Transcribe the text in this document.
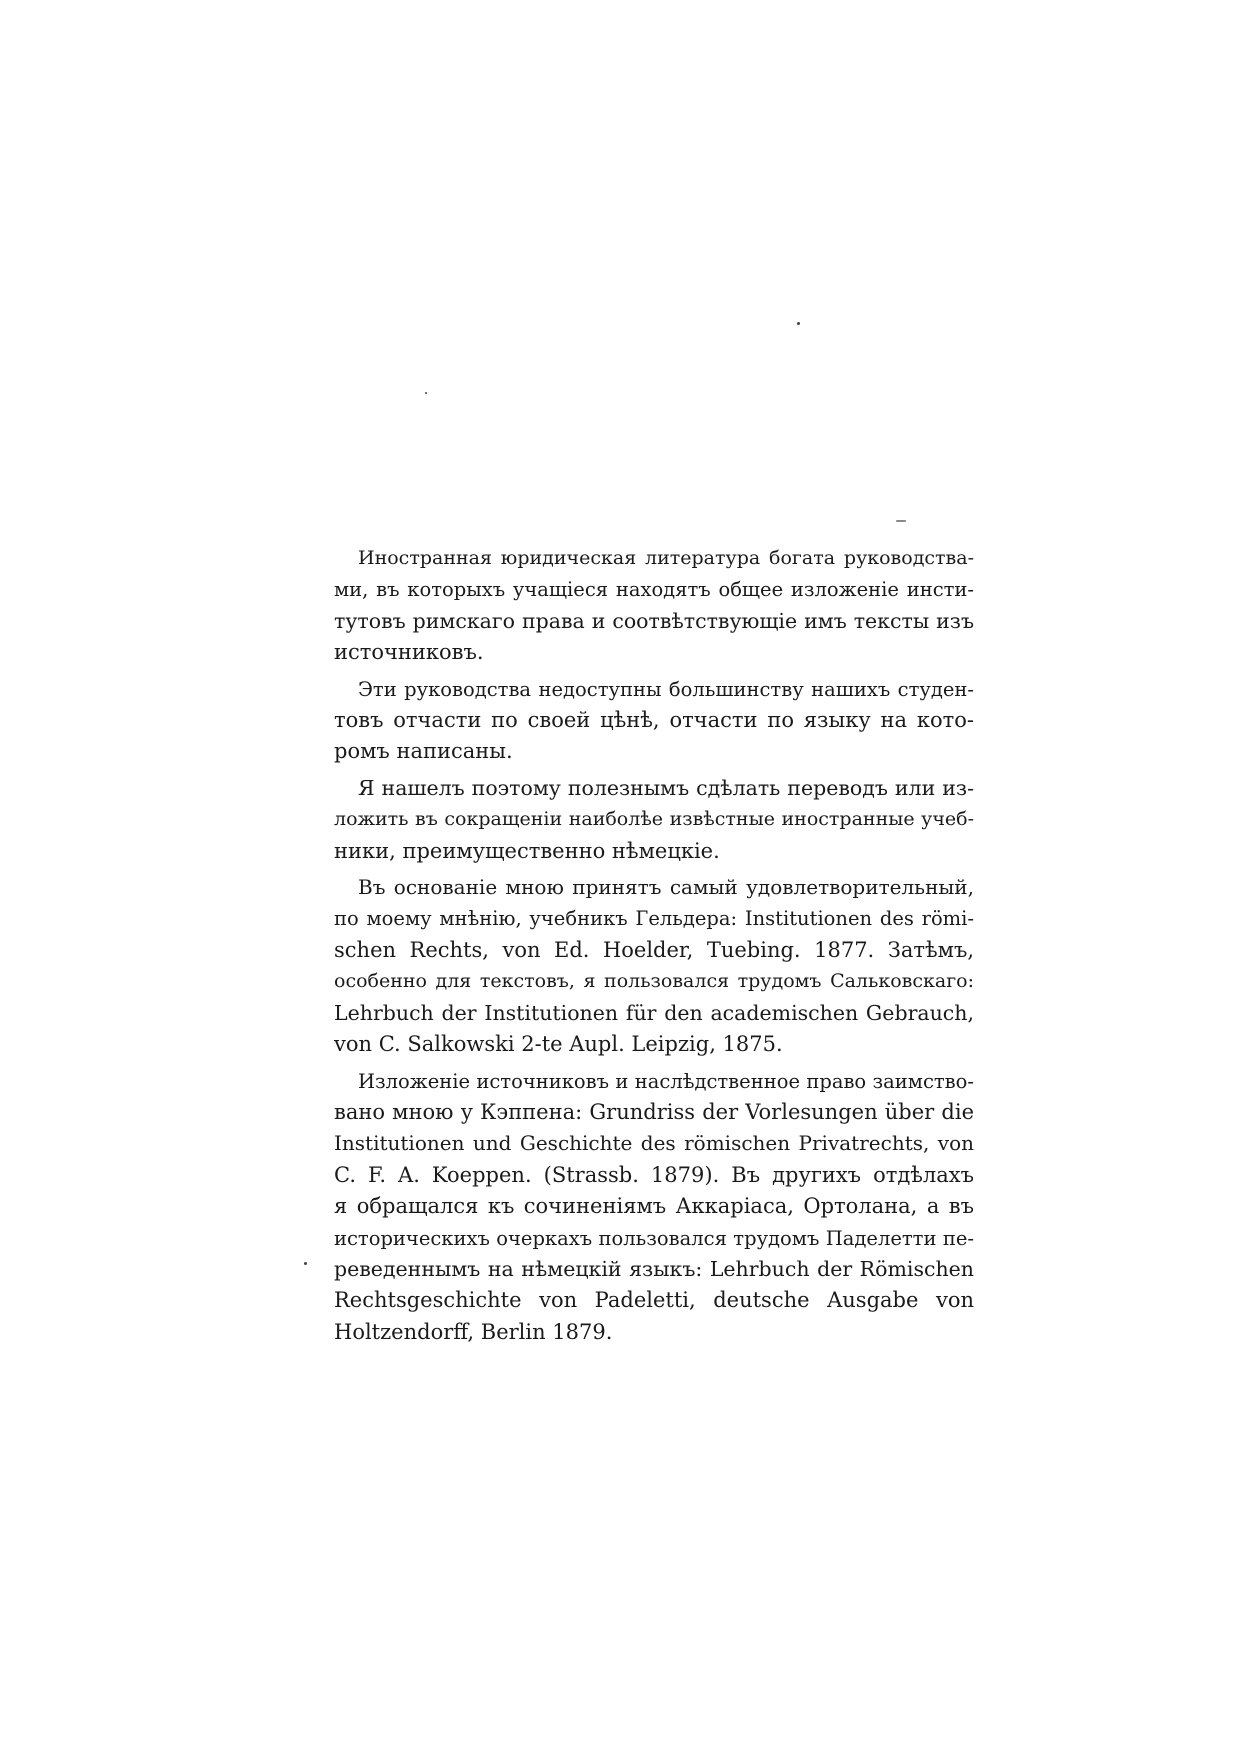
Иностранная юридическая литература богата руководства-
ми, въ которыхъ учащіеся находятъ общее изложеніе инсти-
тутовъ римскаго права и соотвѣтствующіе имъ тексты изъ
источниковъ.

Эти руководства недоступны большинству нашихъ студен-
товъ отчасти по своей цѣнѣ, отчасти по языку на кото-
ромъ написаны.

Я нашелъ поэтому полезнымъ сдѣлать переводъ или из-
ложить въ сокращеніи наиболѣе извѣстные иностранные учеб-
ники, преимущественно нѣмецкіе.

Въ основаніе мною принятъ самый удовлетворительный,
по моему мнѣнію, учебникъ Гельдера: Institutionen des römi-
schen Rechts, von Ed. Hoelder, Tuebing. 1877. Затѣмъ,
особенно для текстовъ, я пользовался трудомъ Сальковскаго:
Lehrbuch der Institutionen für den academischen Gebrauch,
von C. Salkowski 2-te Aupl. Leipzig, 1875.

Изложеніе источниковъ и наслѣдственное право заимство-
вано мною у Кэппена: Grundriss der Vorlesungen über die
Institutionen und Geschichte des römischen Privatrechts, von
C. F. A. Koeppen. (Strassb. 1879). Въ другихъ отдѣлахъ
я обращался къ сочиненіямъ Аккаріаса, Ортолана, а въ
историческихъ очеркахъ пользовался трудомъ Паделетти пе-
реведеннымъ на нѣмецкій языкъ: Lehrbuch der Römischen
Rechtsgeschichte von Padeletti, deutsche Ausgabe von
Holtzendorff, Berlin 1879.
